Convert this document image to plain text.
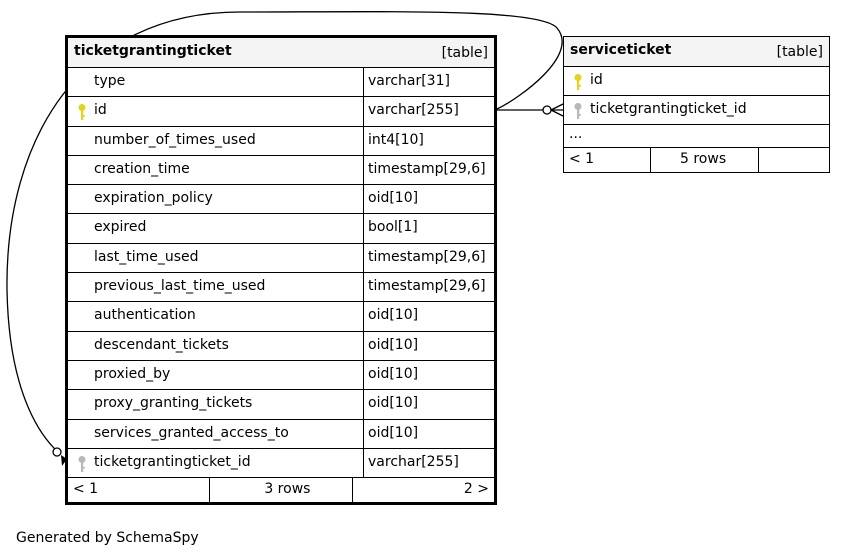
ticketgrantingticket	[table]
type	varchar[31]
id	varchar[255]
number_of_times_used	int4[10]
creation_time	timestamp[29,6]
expiration_policy	oid[10]
expired	bool[1]
last_time_used	timestamp[29,6]
previous_last_time_used	timestamp[29,6]
authentication	oid[10]
descendant_tickets	oid[10]
proxied_by	oid[10]
proxy_granting_tickets	oid[10]
services_granted_access_to	oid[10]
ticketgrantingticket_id	varchar[255]
< 1	3 rows	2 >
serviceticket	[table]
id
ticketgrantingticket_id
...
< 1	5 rows
Generated by SchemaSpy
